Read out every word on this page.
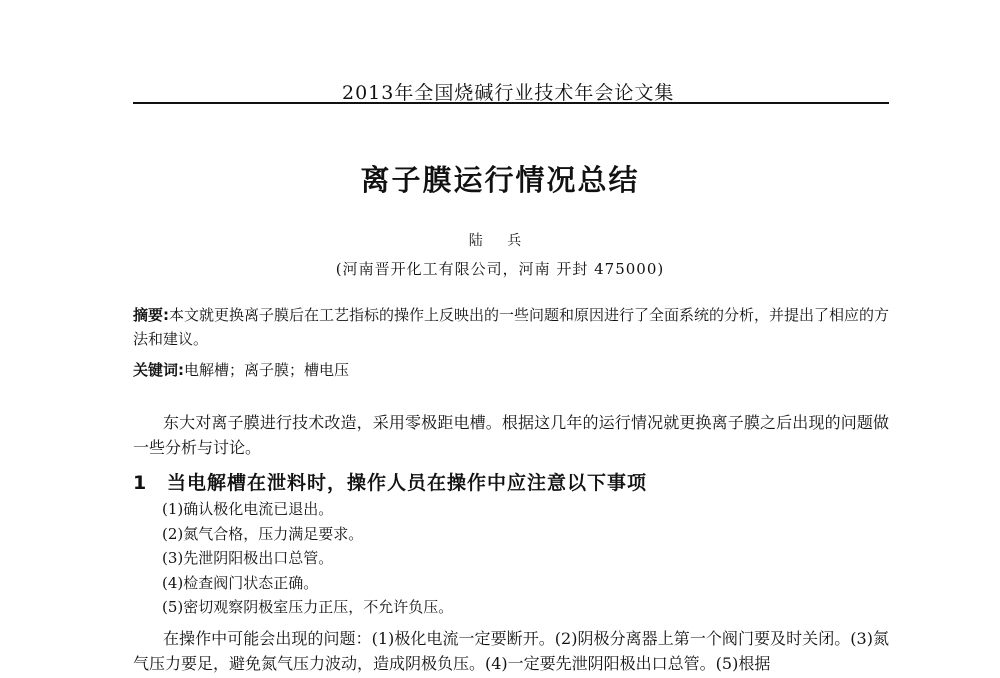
2013年全国烧碱行业技术年会论文集
离子膜运行情况总结
陆 兵
(河南晋开化工有限公司，河南 开封 475000)
摘要:本文就更换离子膜后在工艺指标的操作上反映出的一些问题和原因进行了全面系统的分析，并提出了相应的方法和建议。
关键词:电解槽；离子膜；槽电压
东大对离子膜进行技术改造，采用零极距电槽。根据这几年的运行情况就更换离子膜之后出现的问题做一些分析与讨论。
1 当电解槽在泄料时，操作人员在操作中应注意以下事项
(1)确认极化电流已退出。
(2)氮气合格，压力满足要求。
(3)先泄阴阳极出口总管。
(4)检查阀门状态正确。
(5)密切观察阴极室压力正压，不允许负压。
在操作中可能会出现的问题：(1)极化电流一定要断开。(2)阴极分离器上第一个阀门要及时关闭。(3)氮气压力要足，避免氮气压力波动，造成阴极负压。(4)一定要先泄阴阳极出口总管。(5)根据
